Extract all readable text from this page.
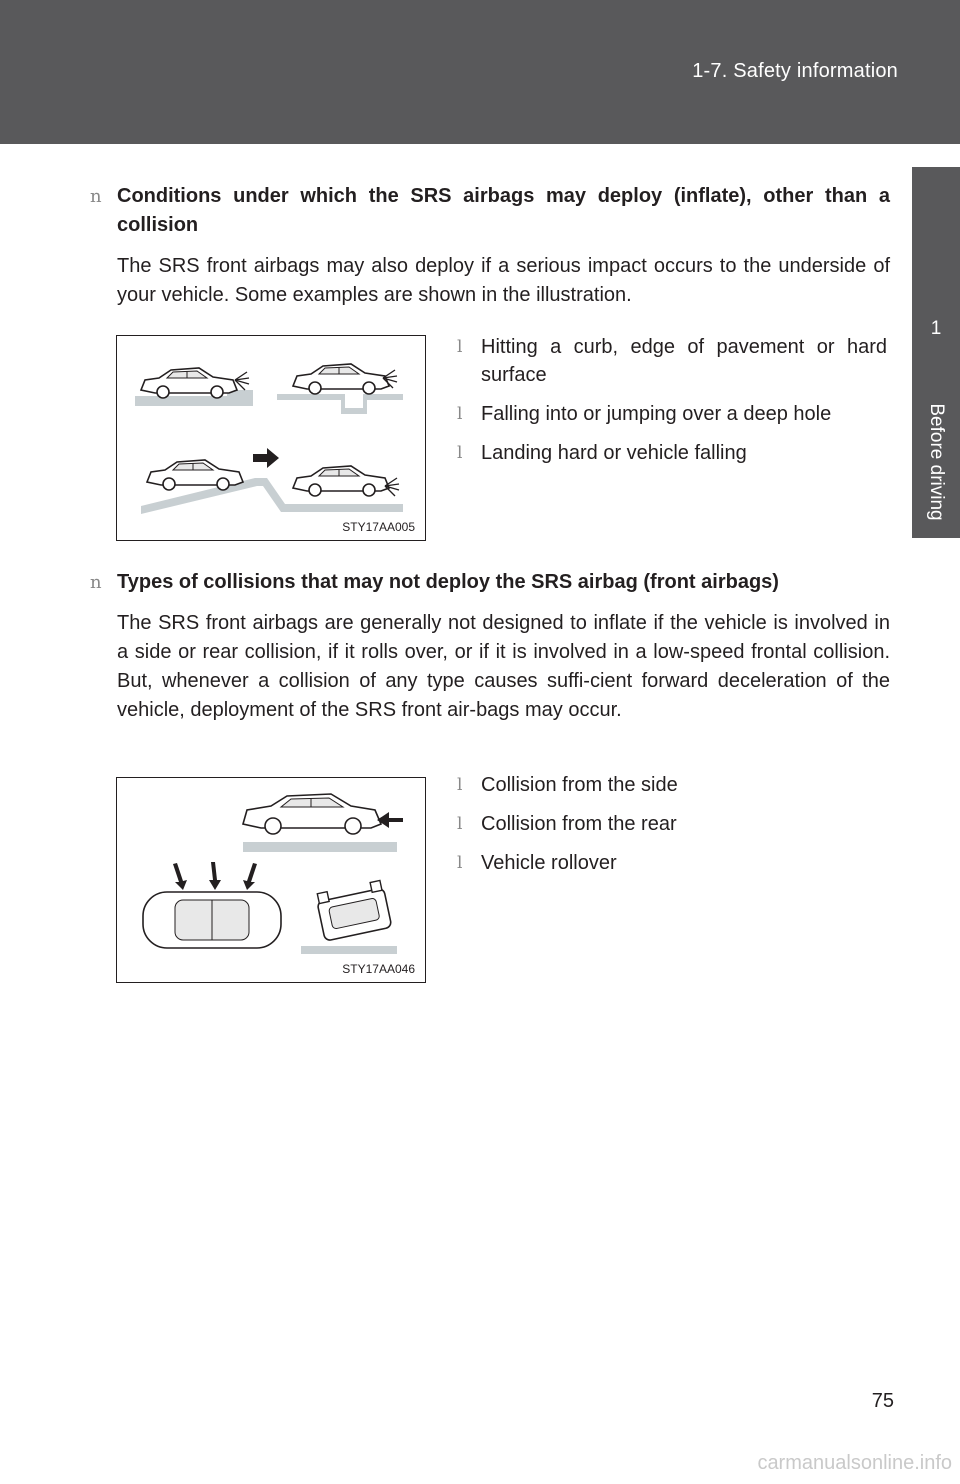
1-7. Safety information
1
Before driving
n Conditions under which the SRS airbags may deploy (inflate), other than a collision
The SRS front airbags may also deploy if a serious impact occurs to the underside of your vehicle. Some examples are shown in the illustration.
STY17AA005
l Hitting a curb, edge of pavement or hard surface
l Falling into or jumping over a deep hole
l Landing hard or vehicle falling
n Types of collisions that may not deploy the SRS airbag (front airbags)
The SRS front airbags are generally not designed to inflate if the vehicle is involved in a side or rear collision, if it rolls over, or if it is involved in a low-speed frontal collision. But, whenever a collision of any type causes suffi-cient forward deceleration of the vehicle, deployment of the SRS front air-bags may occur.
STY17AA046
l Collision from the side
l Collision from the rear
l Vehicle rollover
75
carmanualsonline.info
